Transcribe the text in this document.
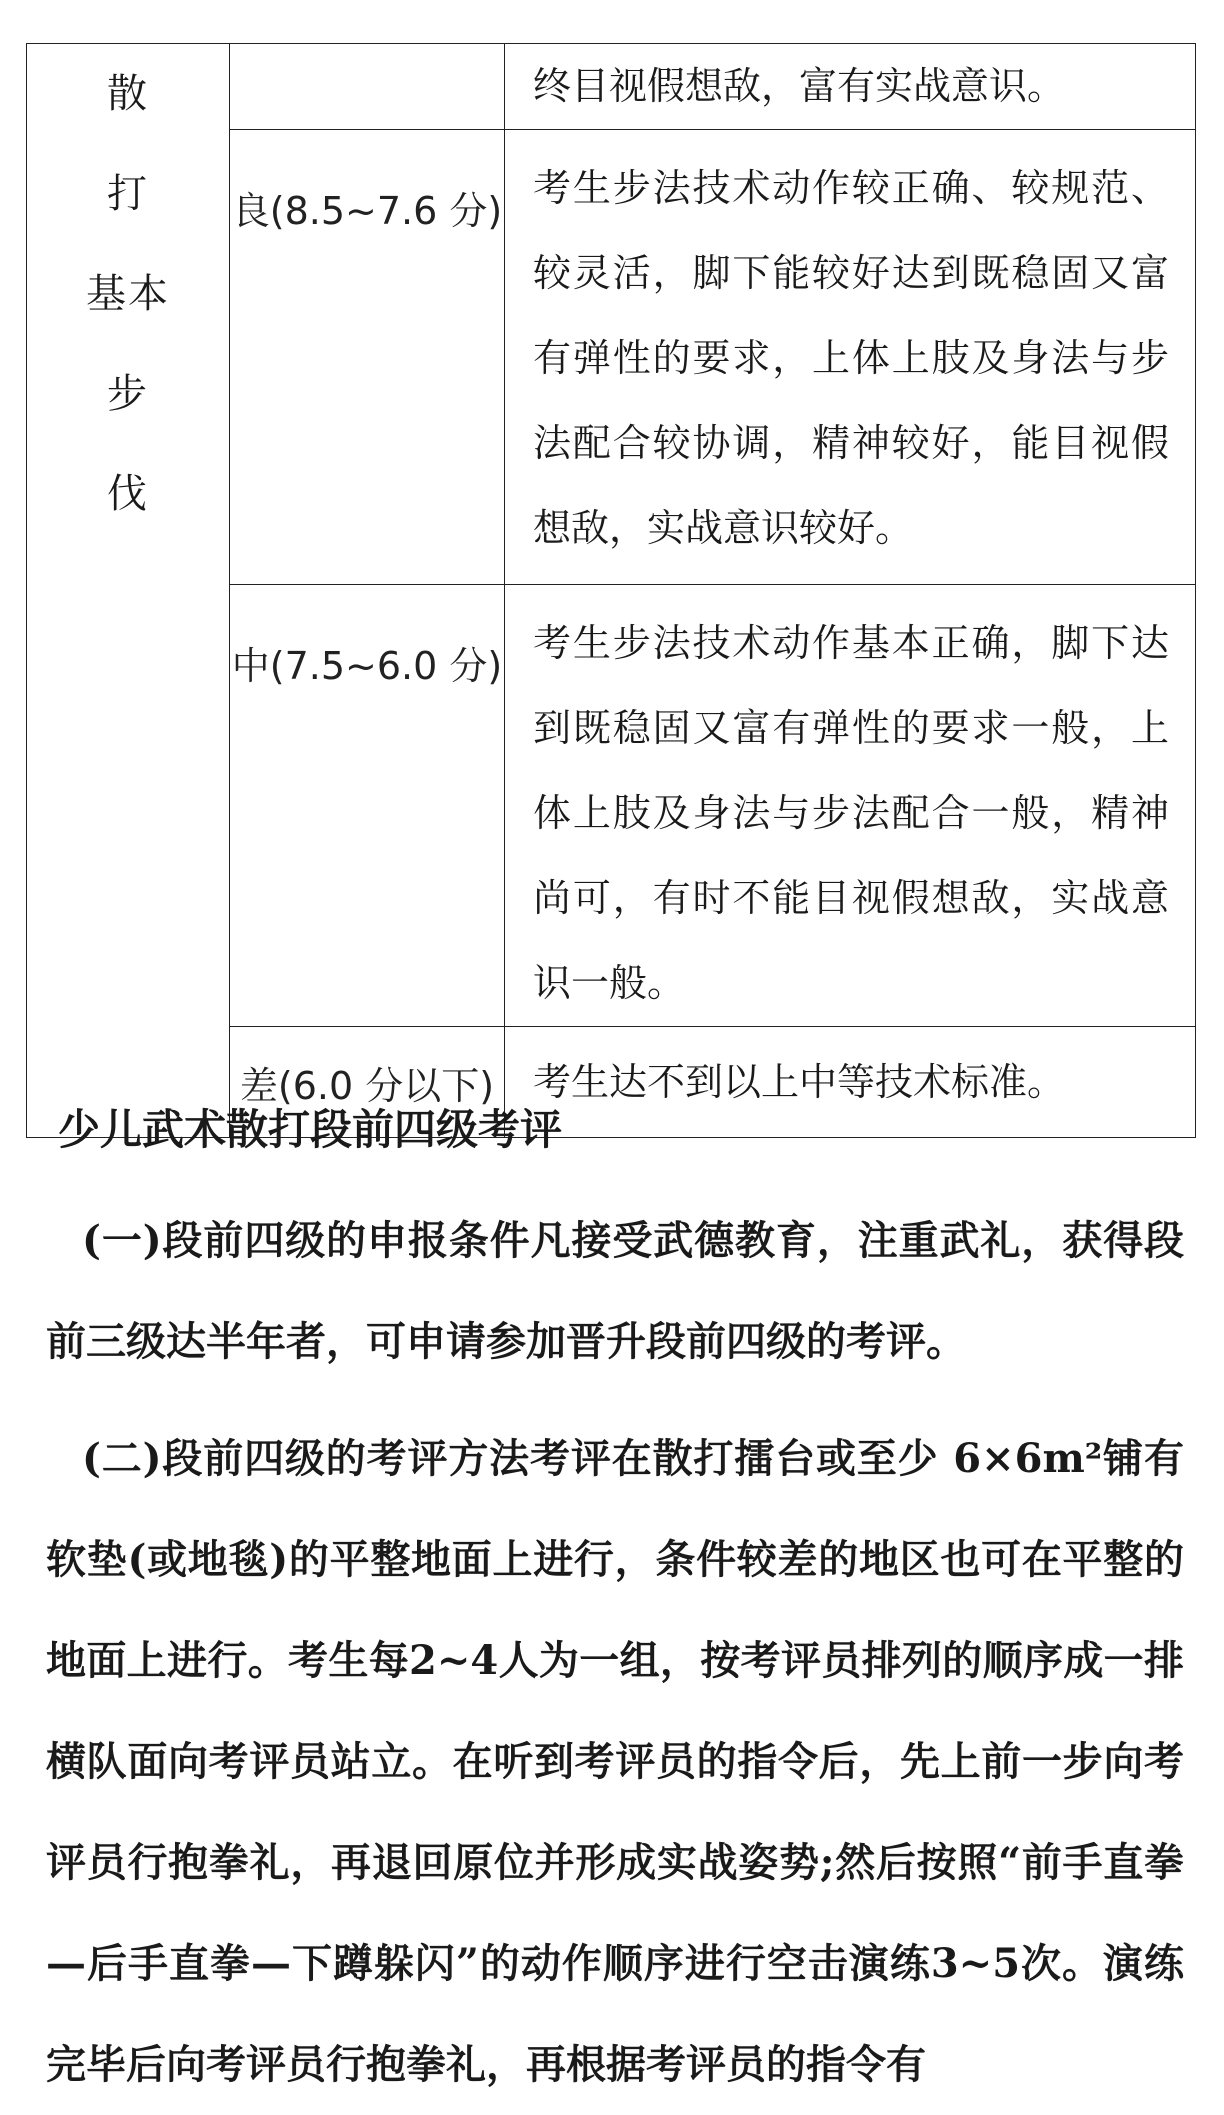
散
打
基本
步
伐		终目视假想敌，富有实战意识。
	良(8.5~7.6 分)	考生步法技术动作较正确、较规范、较灵活，脚下能较好达到既稳固又富有弹性的要求，上体上肢及身法与步法配合较协调，精神较好，能目视假想敌，实战意识较好。
	中(7.5~6.0 分)	考生步法技术动作基本正确，脚下达到既稳固又富有弹性的要求一般，上体上肢及身法与步法配合一般，精神尚可，有时不能目视假想敌，实战意识一般。
	差(6.0 分以下)	考生达不到以上中等技术标准。
少儿武术散打段前四级考评
(一)段前四级的申报条件凡接受武德教育，注重武礼，获得段前三级达半年者，可申请参加晋升段前四级的考评。
(二)段前四级的考评方法考评在散打擂台或至少 6×6m²铺有软垫(或地毯)的平整地面上进行，条件较差的地区也可在平整的地面上进行。考生每2~4人为一组，按考评员排列的顺序成一排横队面向考评员站立。在听到考评员的指令后，先上前一步向考评员行抱拳礼，再退回原位并形成实战姿势;然后按照“前手直拳—后手直拳—下蹲躲闪”的动作顺序进行空击演练3~5次。演练完毕后向考评员行抱拳礼，再根据考评员的指令有
